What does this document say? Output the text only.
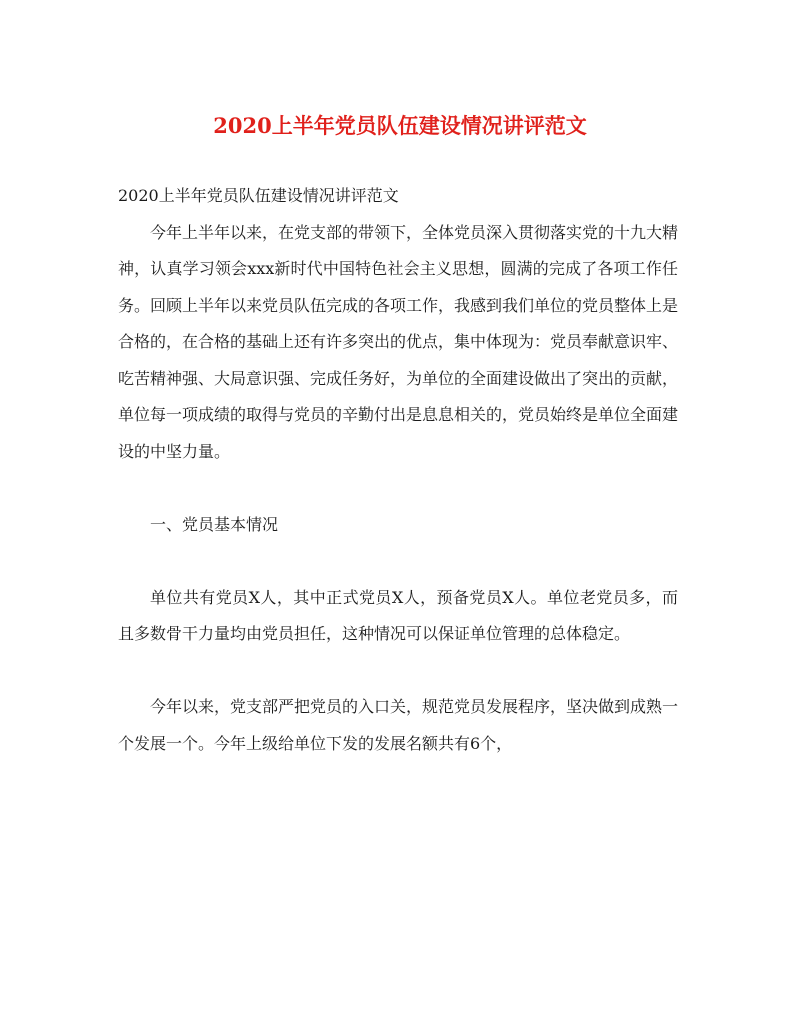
2020上半年党员队伍建设情况讲评范文

2020上半年党员队伍建设情况讲评范文

今年上半年以来，在党支部的带领下，全体党员深入贯彻落实党的十九大精神，认真学习领会xxx新时代中国特色社会主义思想，圆满的完成了各项工作任务。回顾上半年以来党员队伍完成的各项工作，我感到我们单位的党员整体上是合格的，在合格的基础上还有许多突出的优点，集中体现为：党员奉献意识牢、吃苦精神强、大局意识强、完成任务好，为单位的全面建设做出了突出的贡献，单位每一项成绩的取得与党员的辛勤付出是息息相关的，党员始终是单位全面建设的中坚力量。

一、党员基本情况

单位共有党员X人，其中正式党员X人，预备党员X人。单位老党员多，而且多数骨干力量均由党员担任，这种情况可以保证单位管理的总体稳定。

今年以来，党支部严把党员的入口关，规范党员发展程序，坚决做到成熟一个发展一个。今年上级给单位下发的发展名额共有6个，
